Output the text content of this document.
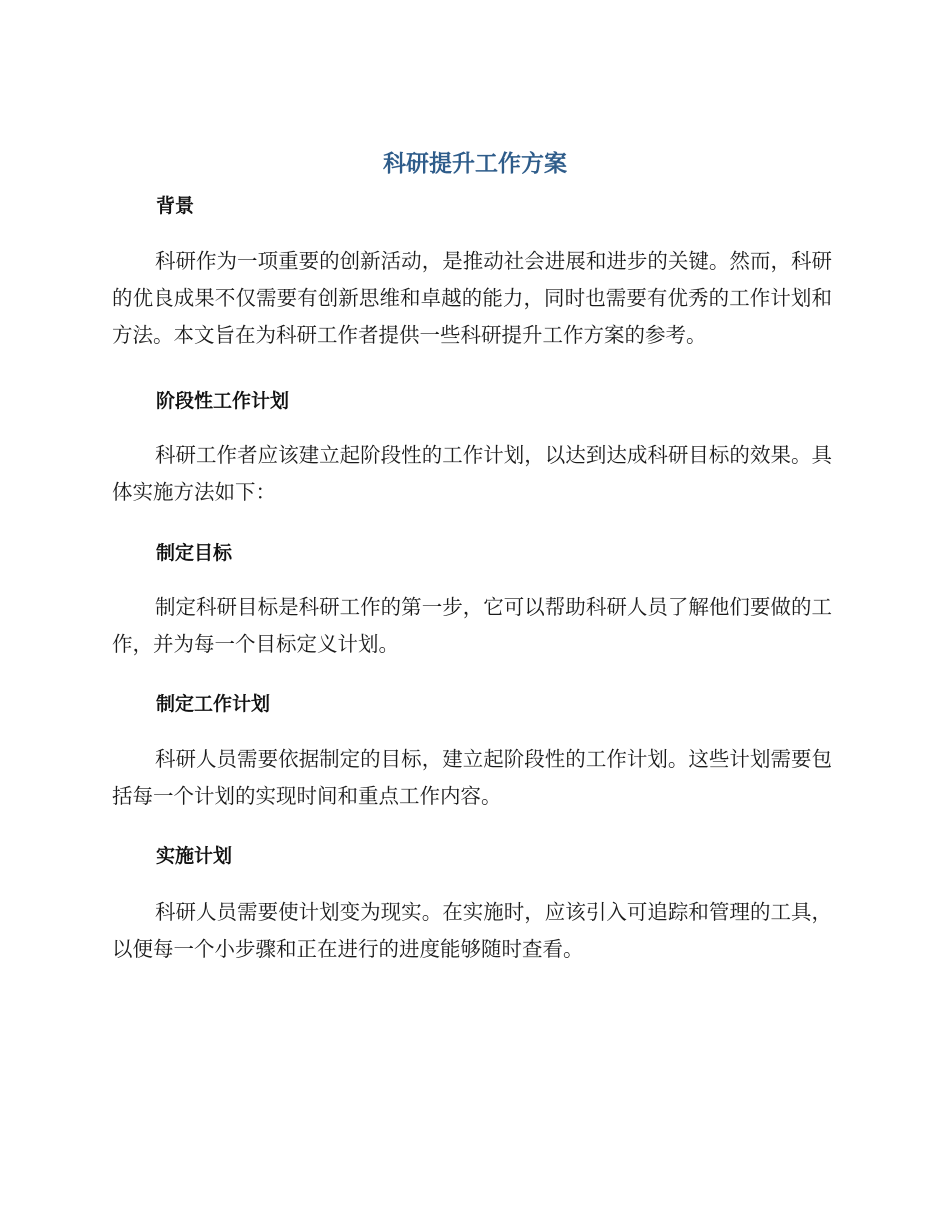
科研提升工作方案
背景

科研作为一项重要的创新活动，是推动社会进展和进步的关键。然而，科研的优良成果不仅需要有创新思维和卓越的能力，同时也需要有优秀的工作计划和方法。本文旨在为科研工作者提供一些科研提升工作方案的参考。

阶段性工作计划

科研工作者应该建立起阶段性的工作计划，以达到达成科研目标的效果。具体实施方法如下：

制定目标

制定科研目标是科研工作的第一步，它可以帮助科研人员了解他们要做的工作，并为每一个目标定义计划。

制定工作计划

科研人员需要依据制定的目标，建立起阶段性的工作计划。这些计划需要包括每一个计划的实现时间和重点工作内容。

实施计划

科研人员需要使计划变为现实。在实施时，应该引入可追踪和管理的工具，以便每一个小步骤和正在进行的进度能够随时查看。
